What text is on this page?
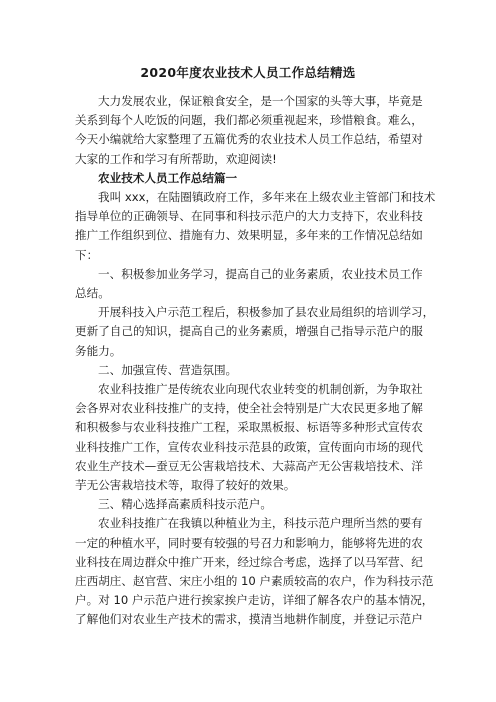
2020年度农业技术人员工作总结精选
大力发展农业，保证粮食安全，是一个国家的头等大事，毕竟是
关系到每个人吃饭的问题，我们都必须重视起来，珍惜粮食。难么，
今天小编就给大家整理了五篇优秀的农业技术人员工作总结，希望对
大家的工作和学习有所帮助，欢迎阅读!
农业技术人员工作总结篇一
我叫 xxx，在陆圈镇政府工作，多年来在上级农业主管部门和技术
指导单位的正确领导、在同事和科技示范户的大力支持下，农业科技
推广工作组织到位、措施有力、效果明显，多年来的工作情况总结如
下：
一、积极参加业务学习，提高自己的业务素质，农业技术员工作
总结。
开展科技入户示范工程后，积极参加了县农业局组织的培训学习，
更新了自己的知识，提高自己的业务素质，增强自己指导示范户的服
务能力。
二、加强宣传、营造氛围。
农业科技推广是传统农业向现代农业转变的机制创新，为争取社
会各界对农业科技推广的支持，使全社会特别是广大农民更多地了解
和积极参与农业科技推广工程，采取黑板报、标语等多种形式宣传农
业科技推广工作，宣传农业科技示范县的政策，宣传面向市场的现代
农业生产技术—蚕豆无公害栽培技术、大蒜高产无公害栽培技术、洋
芋无公害栽培技术等，取得了较好的效果。
三、精心选择高素质科技示范户。
农业科技推广在我镇以种植业为主，科技示范户理所当然的要有
一定的种植水平，同时要有较强的号召力和影响力，能够将先进的农
业科技在周边群众中推广开来，经过综合考虑，选择了以马军营、纪
庄西胡庄、赵官营、宋庄小组的 10 户素质较高的农户，作为科技示范
户。对 10 户示范户进行挨家挨户走访，详细了解各农户的基本情况，
了解他们对农业生产技术的需求，摸清当地耕作制度，并登记示范户
